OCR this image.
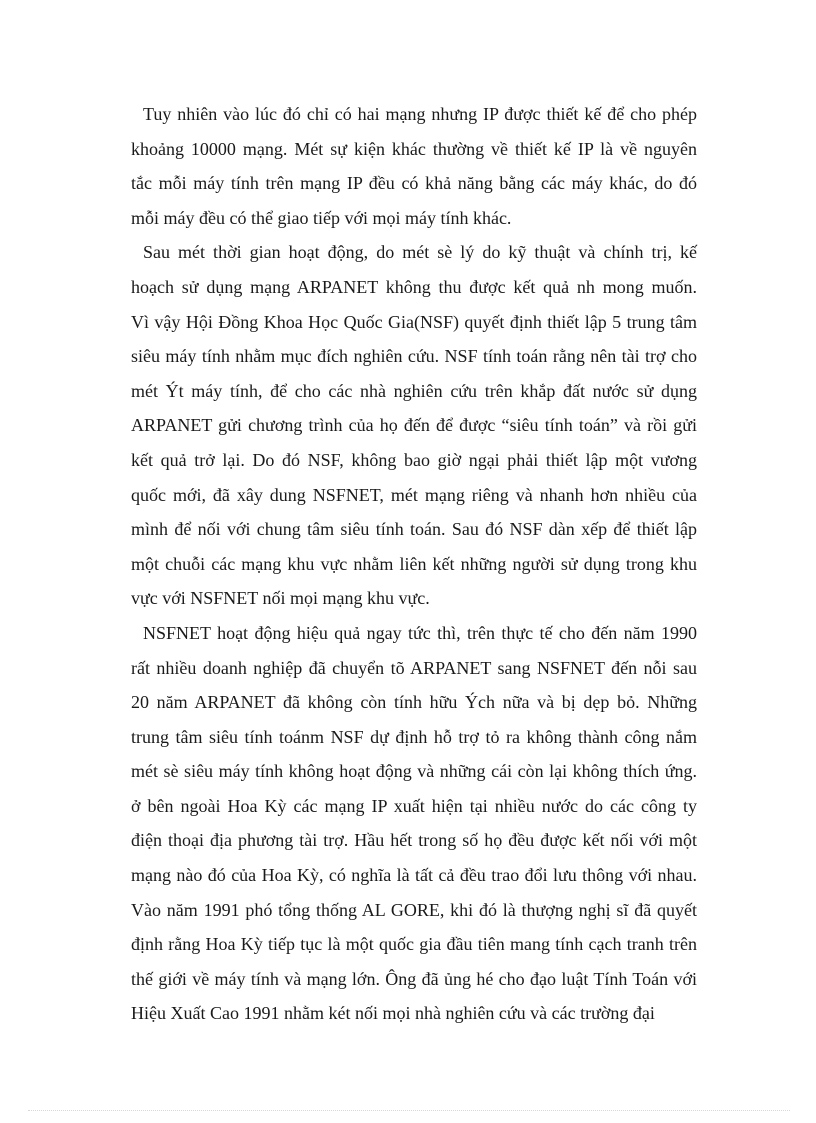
Tuy nhiên vào lúc đó chỉ có hai mạng nhưng IP được thiết kế để cho phép
khoảng 10000 mạng. Mét sự kiện khác thường về thiết kế IP là về nguyên
tắc mỗi máy tính trên mạng IP đều có khả năng bằng các máy khác, do đó
mỗi máy đều có thể giao tiếp với mọi máy tính khác.
Sau mét thời gian hoạt động, do mét sè lý do kỹ thuật và chính trị, kế
hoạch sử dụng mạng ARPANET không thu được kết quả nh mong muốn.
Vì vậy Hội Đồng Khoa Học Quốc Gia(NSF) quyết định thiết lập 5 trung tâm
siêu máy tính nhằm mục đích nghiên cứu. NSF tính toán rằng nên tài trợ cho
mét Ýt máy tính, để cho các nhà nghiên cứu trên khắp đất nước sử dụng
ARPANET gửi chương trình của họ đến để được “siêu tính toán” và rồi gửi
kết quả trở lại. Do đó NSF, không bao giờ ngại phải thiết lập một vương
quốc mới, đã xây dung NSFNET, mét mạng riêng và nhanh hơn nhiều của
mình để nối với chung tâm siêu tính toán. Sau đó NSF dàn xếp để thiết lập
một chuỗi các mạng khu vực nhằm liên kết những người sử dụng trong khu
vực với NSFNET nối mọi mạng khu vực.
NSFNET hoạt động hiệu quả ngay tức thì, trên thực tế cho đến năm 1990
rất nhiều doanh nghiệp đã chuyển tõ ARPANET sang NSFNET đến nỗi sau
20 năm ARPANET đã không còn tính hữu Ých nữa và bị dẹp bỏ. Những
trung tâm siêu tính toánm NSF dự định hỗ trợ tỏ ra không thành công nắm
mét sè siêu máy tính không hoạt động và những cái còn lại không thích ứng.
ở bên ngoài Hoa Kỳ các mạng IP xuất hiện tại nhiều nước do các công ty
điện thoại địa phương tài trợ. Hầu hết trong số họ đều được kết nối với một
mạng nào đó của Hoa Kỳ, có nghĩa là tất cả đều trao đổi lưu thông với nhau.
Vào năm 1991 phó tổng thống AL GORE, khi đó là thượng nghị sĩ đã quyết
định rằng Hoa Kỳ tiếp tục là một quốc gia đầu tiên mang tính cạch tranh trên
thế giới về máy tính và mạng lớn. Ông đã ủng hé cho đạo luật Tính Toán với
Hiệu Xuất Cao 1991 nhằm két nối mọi nhà nghiên cứu và các trường đại
